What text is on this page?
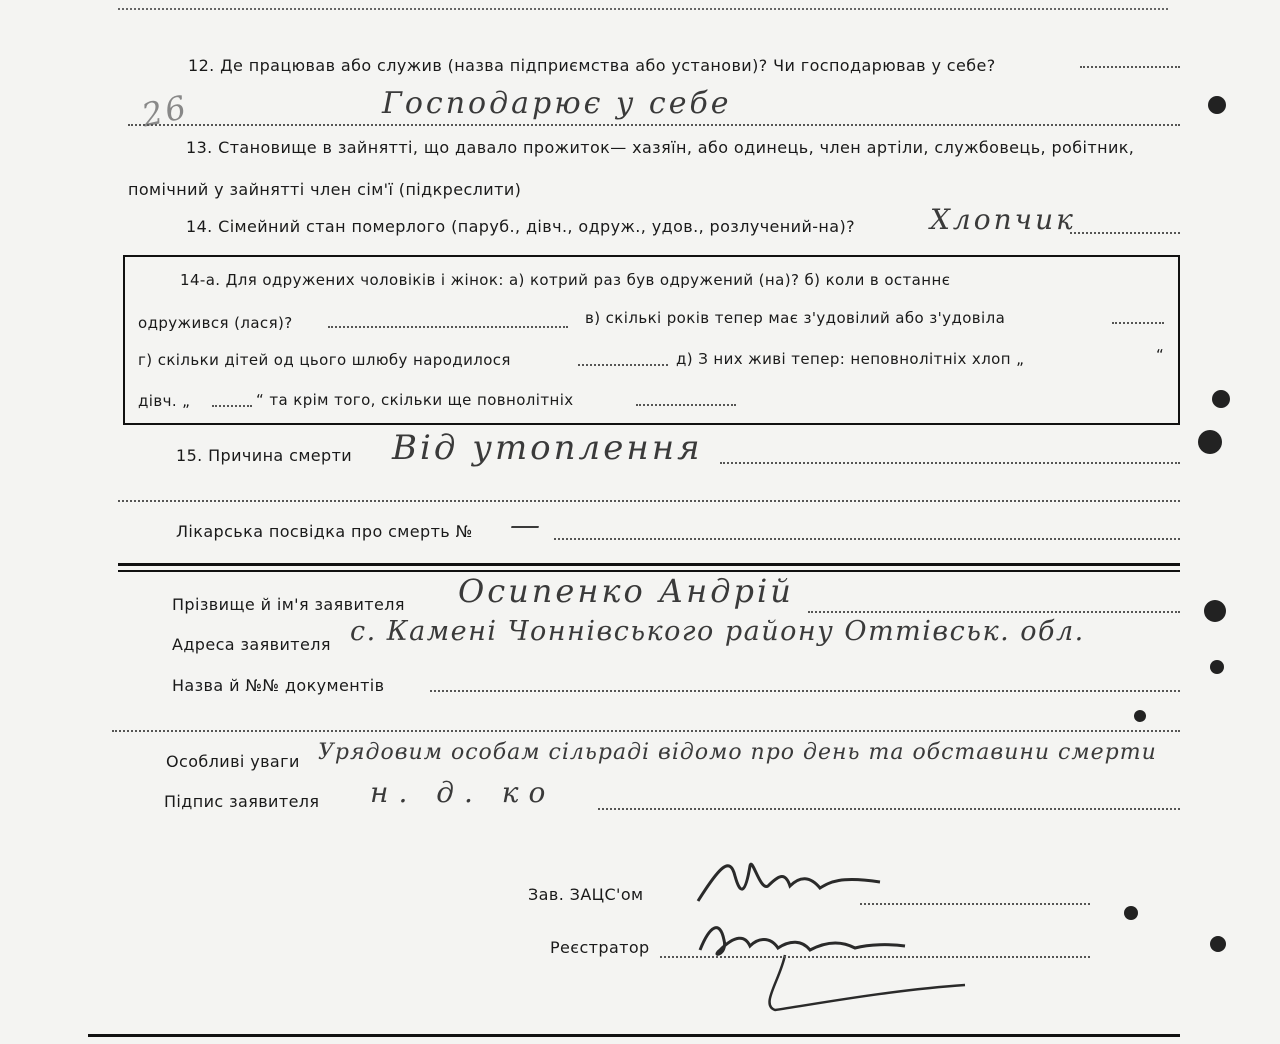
12. Де працював або служив (назва підприємства або установи)? Чи господарював у себе?
26	Господарює у себе
13. Становище в зайнятті, що давало прожиток— хазяїн, або одинець, член артіли, службовець, робітник,
помічний у зайнятті член сім'ї (підкреслити)
14. Сімейний стан померлого (паруб., дівч., одруж., удов., розлучений-на)?	Хлопчик
14-а. Для одружених чоловіків і жінок: а) котрий раз був одружений (на)? б) коли в останнє
одружився (лася)?	в) скількі років тепер має з'удовілий або з'удовіла
г) скільки дітей од цього шлюбу народилося	д) З них живі тепер: неповнолітніх хлоп „	“
дівч. „	“ та крім того, скільки ще повнолітніх
15. Причина смерти Від утоплення
Лікарська посвідка про смерть № —
Прізвище й ім'я заявителя Осипенко Андрій
Адреса заявителя с. Камені Чоннівського району Оттівськ. обл.
Назва й №№ документів
Особливі уваги Урядовим особам сільраді відомо про день та обставини смерти
Підпис заявителя н. д. ко
Зав. ЗАЦС'ом
Реєстратор
